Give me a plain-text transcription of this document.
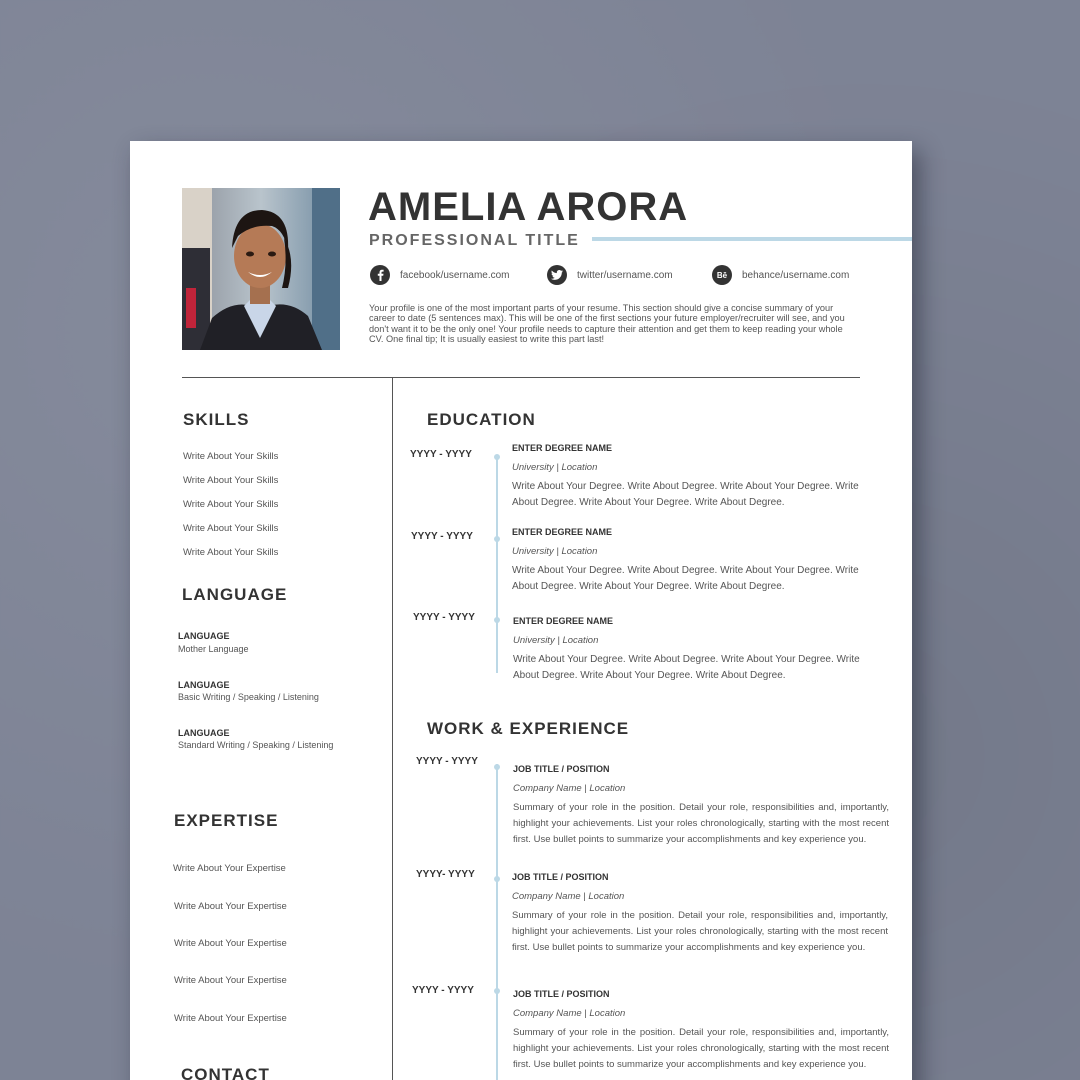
AMELIA ARORA
PROFESSIONAL TITLE
facebook/username.com	twitter/username.com	Bē behance/username.com
Your profile is one of the most important parts of your resume. This section should give a concise summary of your career to date (5 sentences max). This will be one of the first sections your future employer/recruiter will see, and you don't want it to be the only one! Your profile needs to capture their attention and get them to keep reading your whole CV. One final tip; It is usually easiest to write this part last!
SKILLS
Write About Your Skills
Write About Your Skills
Write About Your Skills
Write About Your Skills
Write About Your Skills
LANGUAGE
LANGUAGE
Mother Language
LANGUAGE
Basic Writing / Speaking / Listening
LANGUAGE
Standard Writing / Speaking / Listening
EXPERTISE
Write About Your Expertise
Write About Your Expertise
Write About Your Expertise
Write About Your Expertise
Write About Your Expertise
CONTACT
EDUCATION
YYYY - YYYY
ENTER DEGREE NAME
University | Location
Write About Your Degree. Write About Degree. Write About Your Degree. Write About Degree. Write About Your Degree. Write About Degree.
YYYY - YYYY	ENTER DEGREE NAME
University | Location
Write About Your Degree. Write About Degree. Write About Your Degree. Write About Degree. Write About Your Degree. Write About Degree.
YYYY - YYYY	ENTER DEGREE NAME
University | Location
Write About Your Degree. Write About Degree. Write About Your Degree. Write About Degree. Write About Your Degree. Write About Degree.
WORK & EXPERIENCE
YYYY - YYYY
JOB TITLE / POSITION
Company Name | Location
Summary of your role in the position. Detail your role, responsibilities and, importantly, highlight your achievements. List your roles chronologically, starting with the most recent first. Use bullet points to summarize your accomplishments and key experience you.
YYYY- YYYY	JOB TITLE / POSITION
Company Name | Location
Summary of your role in the position. Detail your role, responsibilities and, importantly, highlight your achievements. List your roles chronologically, starting with the most recent first. Use bullet points to summarize your accomplishments and key experience you.
YYYY - YYYY	JOB TITLE / POSITION
Company Name | Location
Summary of your role in the position. Detail your role, responsibilities and, importantly, highlight your achievements. List your roles chronologically, starting with the most recent first. Use bullet points to summarize your accomplishments and key experience you.
